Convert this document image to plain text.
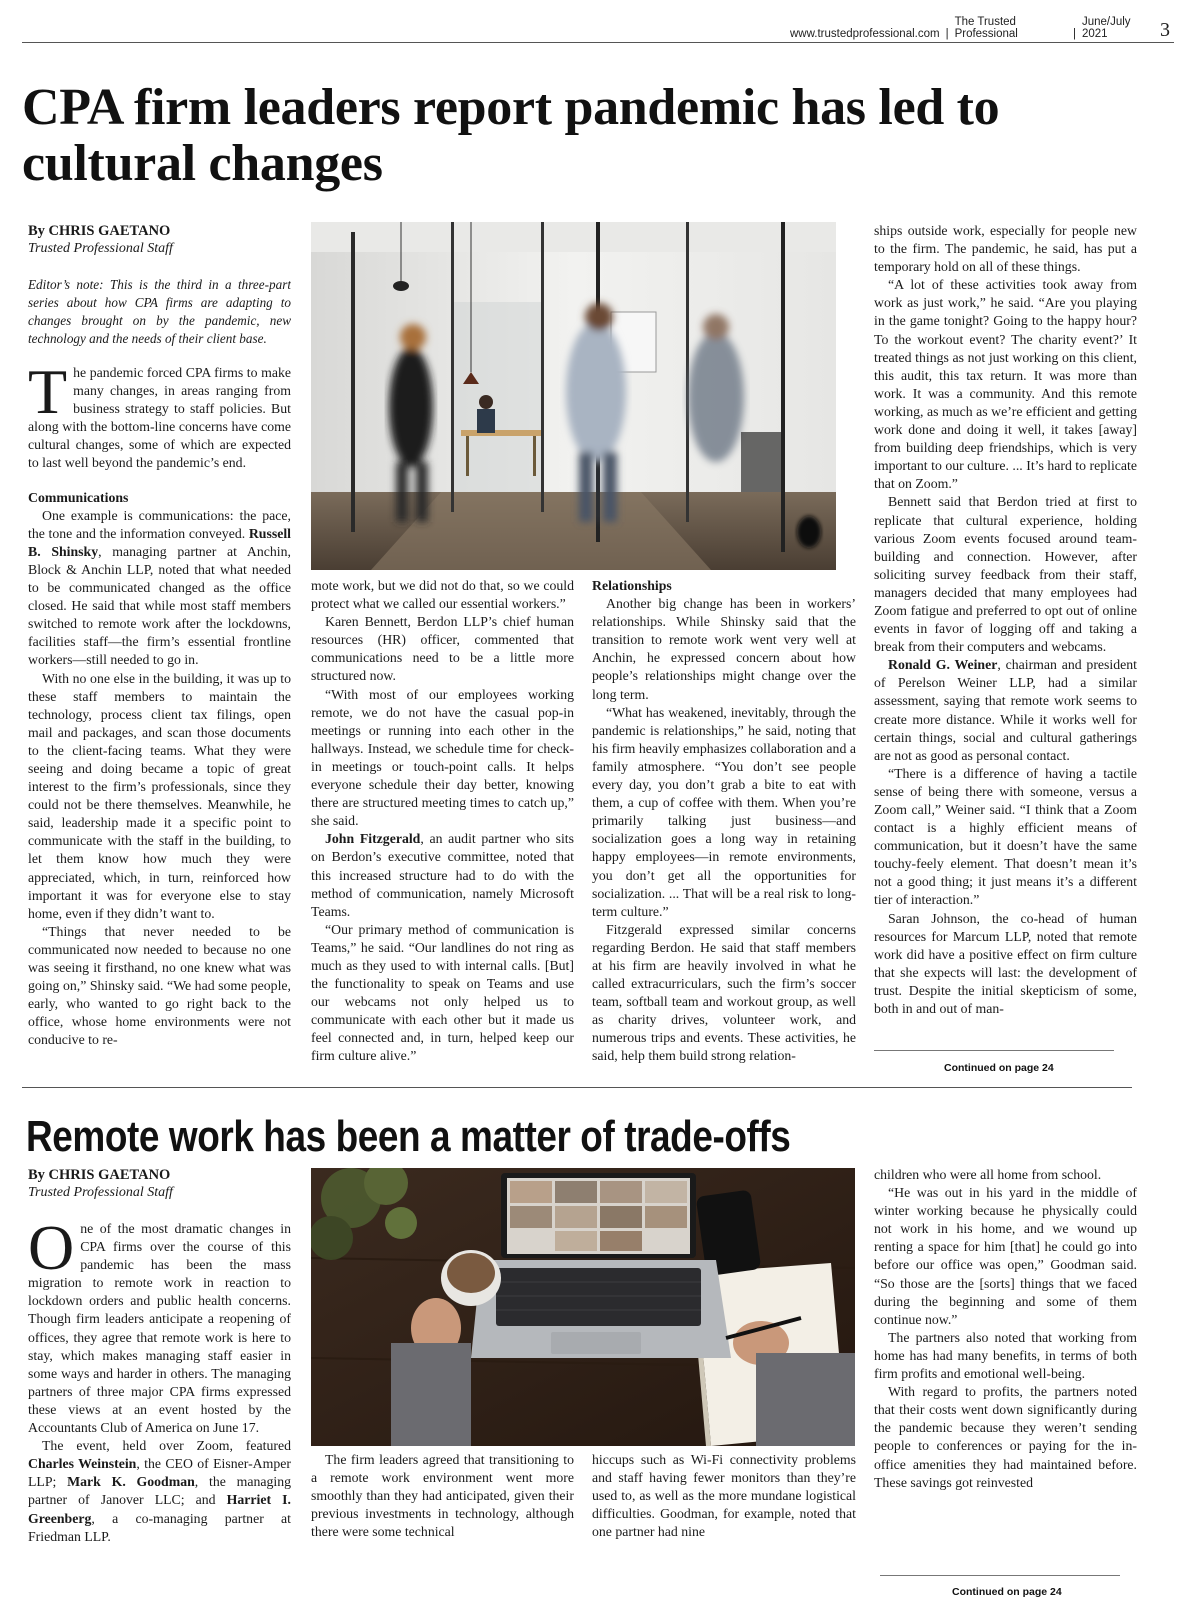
www.trustedprofessional.com |
The Trusted Professional	|
June/July 2021	3
CPA firm leaders report pandemic has led to cultural changes
By CHRIS GAETANO
Trusted Professional Staff
Editor’s note: This is the third in a three-part series about how CPA firms are adapting to changes brought on by the pandemic, new technology and the needs of their client base.

The pandemic forced CPA firms to make many changes, in areas ranging from business strategy to staff policies. But along with the bottom-line concerns have come cultural changes, some of which are expected to last well beyond the pandemic’s end.

Communications

One example is communications: the pace, the tone and the information conveyed. Russell B. Shinsky, managing partner at Anchin, Block & Anchin LLP, noted that what needed to be communicated changed as the office closed. He said that while most staff members switched to remote work after the lockdowns, facilities staff—the firm’s essential frontline workers—still needed to go in.

With no one else in the building, it was up to these staff members to maintain the technology, process client tax filings, open mail and packages, and scan those documents to the client-facing teams. What they were seeing and doing became a topic of great interest to the firm’s professionals, since they could not be there themselves. Meanwhile, he said, leadership made it a specific point to communicate with the staff in the building, to let them know how much they were appreciated, which, in turn, reinforced how important it was for everyone else to stay home, even if they didn’t want to.

“Things that never needed to be communicated now needed to because no one was seeing it firsthand, no one knew what was going on,” Shinsky said. “We had some people, early, who wanted to go right back to the office, whose home environments were not conducive to re-

mote work, but we did not do that, so we could protect what we called our essential workers.”

Karen Bennett, Berdon LLP’s chief human resources (HR) officer, commented that communications need to be a little more structured now.

“With most of our employees working remote, we do not have the casual pop-in meetings or running into each other in the hallways. Instead, we schedule time for check-in meetings or touch-point calls. It helps everyone schedule their day better, knowing there are structured meeting times to catch up,” she said.

John Fitzgerald, an audit partner who sits on Berdon’s executive committee, noted that this increased structure had to do with the method of communication, namely Microsoft Teams.

“Our primary method of communication is Teams,” he said. “Our landlines do not ring as much as they used to with internal calls. [But] the functionality to speak on Teams and use our webcams not only helped us to communicate with each other but it made us feel connected and, in turn, helped keep our firm culture alive.”

Relationships

Another big change has been in workers’ relationships. While Shinsky said that the transition to remote work went very well at Anchin, he expressed concern about how people’s relationships might change over the long term.

“What has weakened, inevitably, through the pandemic is relationships,” he said, noting that his firm heavily emphasizes collaboration and a family atmosphere. “You don’t see people every day, you don’t grab a bite to eat with them, a cup of coffee with them. When you’re primarily talking just business—and socialization goes a long way in retaining happy employees—in remote environments, you don’t get all the opportunities for socialization. ... That will be a real risk to long-term culture.”

Fitzgerald expressed similar concerns regarding Berdon. He said that staff members at his firm are heavily involved in what he called extracurriculars, such the firm’s soccer team, softball team and workout group, as well as charity drives, volunteer work, and numerous trips and events. These activities, he said, help them build strong relation-

ships outside work, especially for people new to the firm. The pandemic, he said, has put a temporary hold on all of these things.

“A lot of these activities took away from work as just work,” he said. “Are you playing in the game tonight? Going to the happy hour? To the workout event? The charity event?’ It treated things as not just working on this client, this audit, this tax return. It was more than work. It was a community. And this remote working, as much as we’re efficient and getting work done and doing it well, it takes [away] from building deep friendships, which is very important to our culture. ... It’s hard to replicate that on Zoom.”

Bennett said that Berdon tried at first to replicate that cultural experience, holding various Zoom events focused around team-building and connection. However, after soliciting survey feedback from their staff, managers decided that many employees had Zoom fatigue and preferred to opt out of online events in favor of logging off and taking a break from their computers and webcams.

Ronald G. Weiner, chairman and president of Perelson Weiner LLP, had a similar assessment, saying that remote work seems to create more distance. While it works well for certain things, social and cultural gatherings are not as good as personal contact.

“There is a difference of having a tactile sense of being there with someone, versus a Zoom call,” Weiner said. “I think that a Zoom contact is a highly efficient means of communication, but it doesn’t have the same touchy-feely element. That doesn’t mean it’s not a good thing; it just means it’s a different tier of interaction.”

Saran Johnson, the co-head of human resources for Marcum LLP, noted that remote work did have a positive effect on firm culture that she expects will last: the development of trust. Despite the initial skepticism of some, both in and out of man-

Continued on page 24
Remote work has been a matter of trade-offs
By CHRIS GAETANO
Trusted Professional Staff

One of the most dramatic changes in CPA firms over the course of this pandemic has been the mass migration to remote work in reaction to lockdown orders and public health concerns. Though firm leaders anticipate a reopening of offices, they agree that remote work is here to stay, which makes managing staff easier in some ways and harder in others. The managing partners of three major CPA firms expressed these views at an event hosted by the Accountants Club of America on June 17.

The event, held over Zoom, featured Charles Weinstein, the CEO of Eisner-Amper LLP; Mark K. Goodman, the managing partner of Janover LLC; and Harriet I. Greenberg, a co-managing partner at Friedman LLP.

The firm leaders agreed that transitioning to a remote work environment went more smoothly than they had anticipated, given their previous investments in technology, although there were some technical

hiccups such as Wi-Fi connectivity problems and staff having fewer monitors than they’re used to, as well as the more mundane logistical difficulties. Goodman, for example, noted that one partner had nine

children who were all home from school.

“He was out in his yard in the middle of winter working because he physically could not work in his home, and we wound up renting a space for him [that] he could go into before our office was open,” Goodman said. “So those are the [sorts] things that we faced during the beginning and some of them continue now.”

The partners also noted that working from home has had many benefits, in terms of both firm profits and emotional well-being.

With regard to profits, the partners noted that their costs went down significantly during the pandemic because they weren’t sending people to conferences or paying for the in-office amenities they had maintained before. These savings got reinvested

Continued on page 24
